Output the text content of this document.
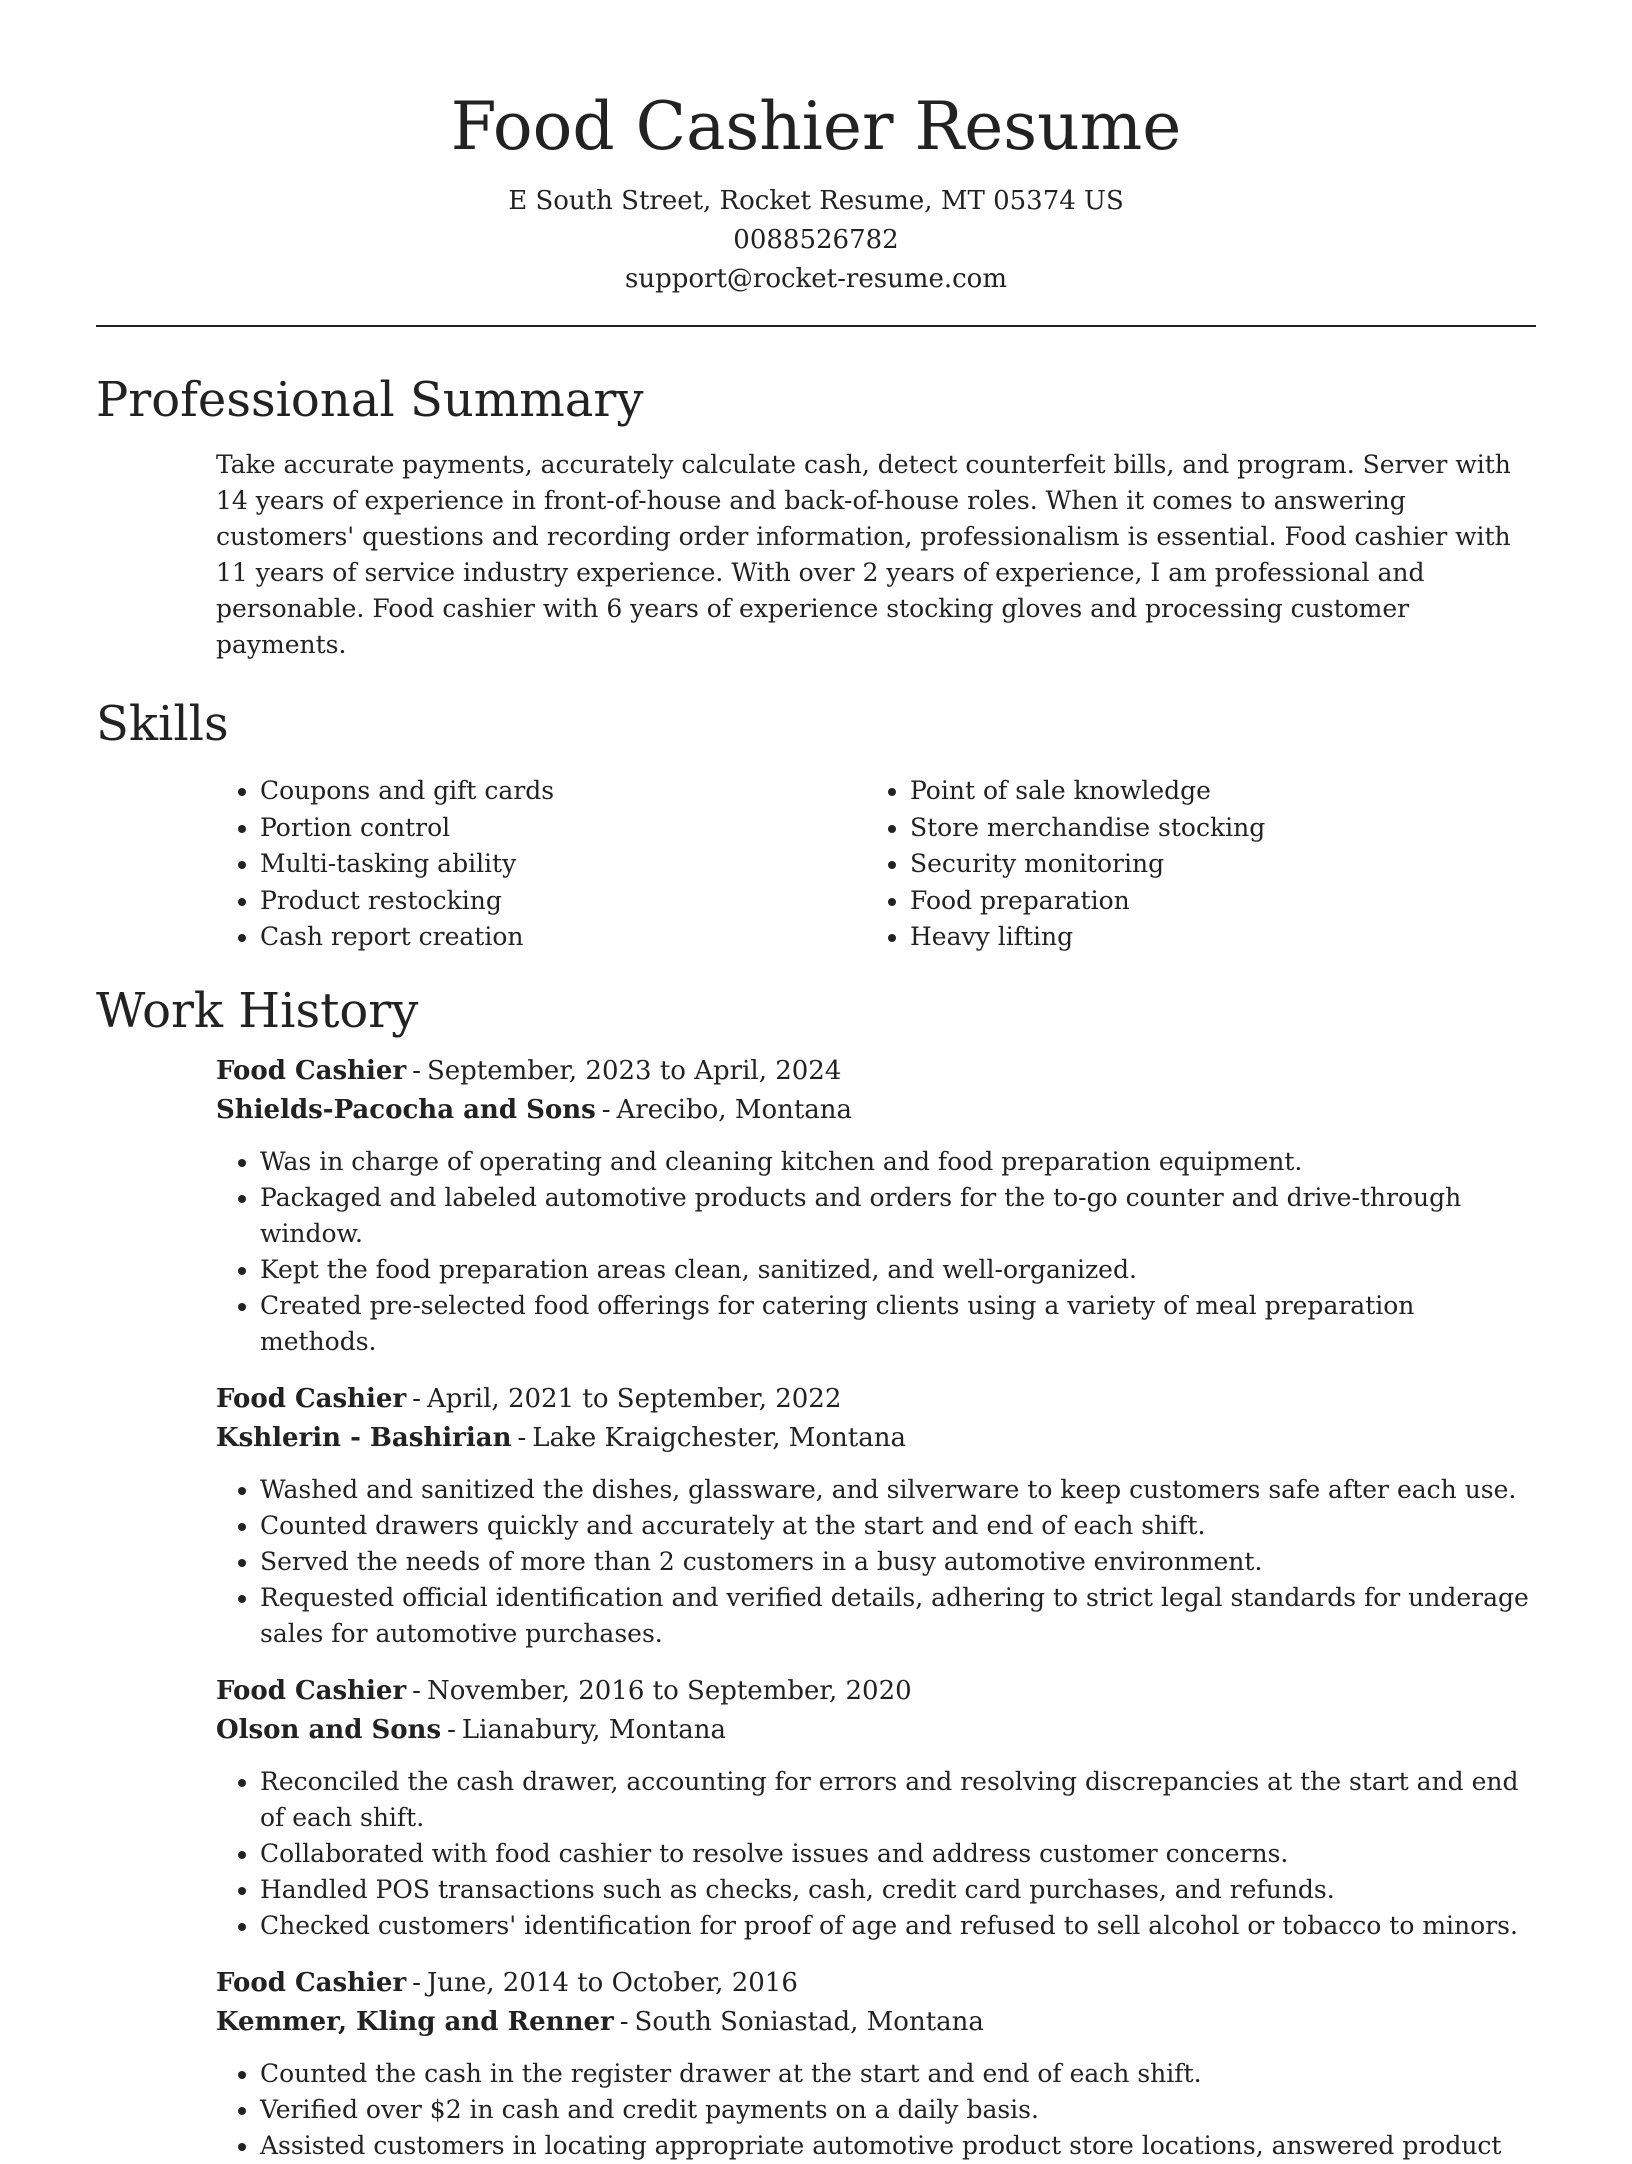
Food Cashier Resume
E South Street, Rocket Resume, MT 05374 US
0088526782
support@rocket-resume.com
Professional Summary

Take accurate payments, accurately calculate cash, detect counterfeit bills, and program. Server with 14 years of experience in front-of-house and back-of-house roles. When it comes to answering customers' questions and recording order information, professionalism is essential. Food cashier with 11 years of service industry experience. With over 2 years of experience, I am professional and personable. Food cashier with 6 years of experience stocking gloves and processing customer payments.

Skills
• Coupons and gift cards
• Portion control
• Multi-tasking ability
• Product restocking
• Cash report creation
• Point of sale knowledge
• Store merchandise stocking
• Security monitoring
• Food preparation
• Heavy lifting
Work History
Food Cashier - September, 2023 to April, 2024
Shields-Pacocha and Sons - Arecibo, Montana
• Was in charge of operating and cleaning kitchen and food preparation equipment.
• Packaged and labeled automotive products and orders for the to-go counter and drive-through window.
• Kept the food preparation areas clean, sanitized, and well-organized.
• Created pre-selected food offerings for catering clients using a variety of meal preparation methods.
Food Cashier - April, 2021 to September, 2022
Kshlerin - Bashirian - Lake Kraigchester, Montana
• Washed and sanitized the dishes, glassware, and silverware to keep customers safe after each use.
• Counted drawers quickly and accurately at the start and end of each shift.
• Served the needs of more than 2 customers in a busy automotive environment.
• Requested official identification and verified details, adhering to strict legal standards for underage sales for automotive purchases.
Food Cashier - November, 2016 to September, 2020
Olson and Sons - Lianabury, Montana
• Reconciled the cash drawer, accounting for errors and resolving discrepancies at the start and end of each shift.
• Collaborated with food cashier to resolve issues and address customer concerns.
• Handled POS transactions such as checks, cash, credit card purchases, and refunds.
• Checked customers' identification for proof of age and refused to sell alcohol or tobacco to minors.
Food Cashier - June, 2014 to October, 2016
Kemmer, Kling and Renner - South Soniastad, Montana
• Counted the cash in the register drawer at the start and end of each shift.
• Verified over $2 in cash and credit payments on a daily basis.
• Assisted customers in locating appropriate automotive product store locations, answered product
